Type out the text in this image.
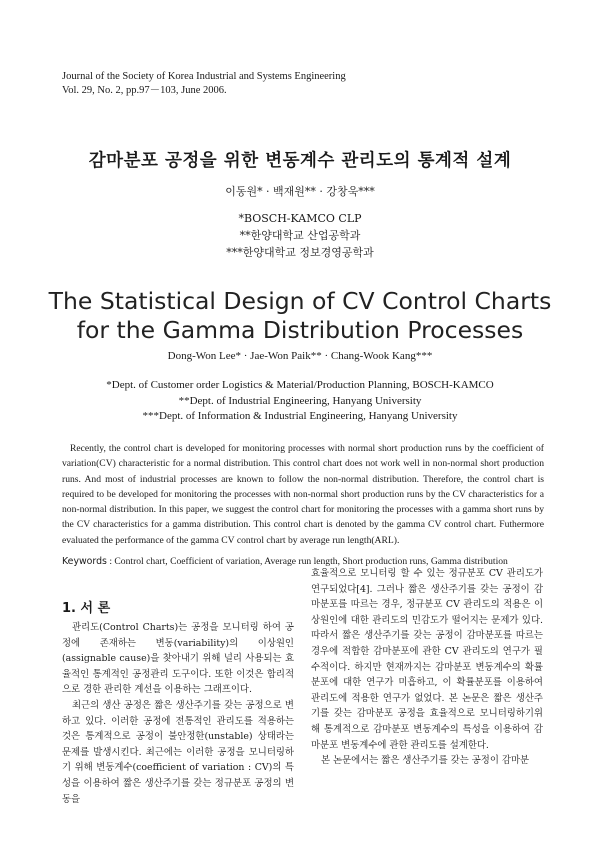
Journal of the Society of Korea Industrial and Systems Engineering
Vol. 29, No. 2, pp.97－103, June 2006.
감마분포 공정을 위한 변동계수 관리도의 통계적 설계
이동원* · 백재원** · 강창욱***
*BOSCH-KAMCO CLP
**한양대학교 산업공학과
***한양대학교 정보경영공학과
The Statistical Design of CV Control Charts
for the Gamma Distribution Processes
Dong-Won Lee* · Jae-Won Paik** · Chang-Wook Kang***
*Dept. of Customer order Logistics & Material/Production Planning, BOSCH-KAMCO
**Dept. of Industrial Engineering, Hanyang University
***Dept. of Information & Industrial Engineering, Hanyang University
Recently, the control chart is developed for monitoring processes with normal short production runs by the coefficient of variation(CV) characteristic for a normal distribution. This control chart does not work well in non-normal short production runs. And most of industrial processes are known to follow the non-normal distribution. Therefore, the control chart is required to be developed for monitoring the processes with non-normal short production runs by the CV characteristics for a non-normal distribution. In this paper, we suggest the control chart for monitoring the processes with a gamma short runs by the CV characteristics for a gamma distribution. This control chart is denoted by the gamma CV control chart. Futhermore evaluated the performance of the gamma CV control chart by average run length(ARL).
Keywords : Control chart, Coefficient of variation, Average run length, Short production runs, Gamma distribution
1. 서 론

관리도(Control Charts)는 공정을 모니터링 하여 공정에 존재하는 변동(variability)의 이상원인(assignable cause)을 찾아내기 위해 널리 사용되는 효율적인 통계적인 공정관리 도구이다. 또한 이것은 합리적으로 경한 관리한 계선을 이용하는 그래프이다.

최근의 생산 공정은 짧은 생산주기를 갖는 공정으로 변하고 있다. 이러한 공정에 전통적인 관리도를 적용하는 것은 통계적으로 공정이 불안정한(unstable) 상태라는 문제를 발생시킨다. 최근에는 이러한 공정을 모니터링하기 위해 변동계수(coefficient of variation : CV)의 특성을 이용하여 짧은 생산주기를 갖는 정규분포 공정의 변동을

효율적으로 모니터링 할 수 있는 정규분포 CV 관리도가 연구되었다[4]. 그러나 짧은 생산주기를 갖는 공정이 감마분포를 따르는 경우, 정규분포 CV 관리도의 적용은 이상원인에 대한 관리도의 민감도가 떨어지는 문제가 있다. 따라서 짧은 생산주기를 갖는 공정이 감마분포를 따르는 경우에 적합한 감마분포에 관한 CV 관리도의 연구가 필수적이다. 하지만 현재까지는 감마분포 변동계수의 확률분포에 대한 연구가 미흡하고, 이 확률분포를 이용하여 관리도에 적용한 연구가 없었다. 본 논문은 짧은 생산주기를 갖는 감마분포 공정을 효율적으로 모니터링하기위해 통계적으로 감마분포 변동계수의 특성을 이용하여 감마분포 변동계수에 관한 관리도를 설계한다.

본 논문에서는 짧은 생산주기를 갖는 공정이 감마분
